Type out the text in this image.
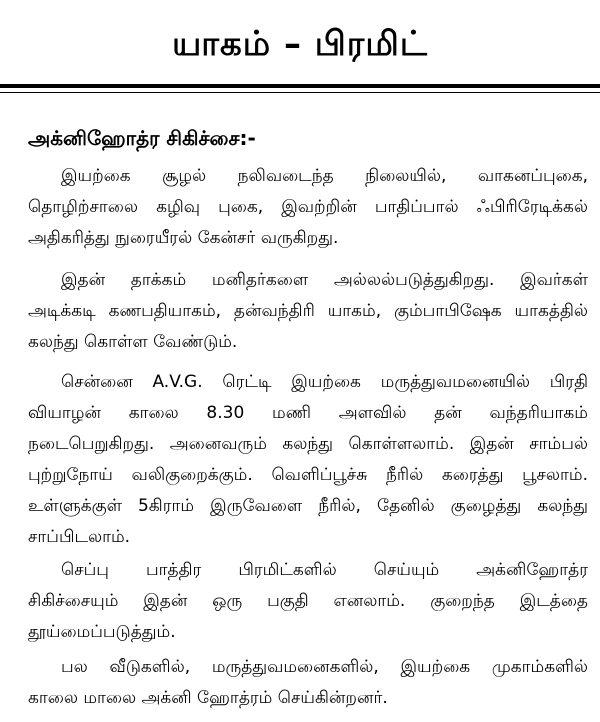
யாகம் – பிரமிட்
அக்னிஹோத்ர சிகிச்சை:-
இயற்கை சூழல் நலிவடைந்த நிலையில், வாகனப்புகை,
தொழிற்சாலை கழிவு புகை, இவற்றின் பாதிப்பால் ஃபிரிரேடிக்கல்
அதிகரித்து நுரையீரல் கேன்சர் வருகிறது.
இதன் தாக்கம் மனிதர்களை அல்லல்படுத்துகிறது. இவர்கள்
அடிக்கடி கணபதியாகம், தன்வந்திரி யாகம், கும்பாபிஷேக யாகத்தில்
கலந்து கொள்ள வேண்டும்.
சென்னை A.V.G. ரெட்டி இயற்கை மருத்துவமனையில் பிரதி
வியாழன் காலை 8.30 மணி அளவில் தன் வந்தரியாகம்
நடைபெறுகிறது. அனைவரும் கலந்து கொள்ளலாம். இதன் சாம்பல்
புற்றுநோய் வலிகுறைக்கும். வெளிப்பூச்சு நீரில் கரைத்து பூசலாம்.
உள்ளுக்குள் 5கிராம் இருவேளை நீரில், தேனில் குழைத்து கலந்து
சாப்பிடலாம்.
செப்பு பாத்திர பிரமிட்களில் செய்யும் அக்னிஹோத்ர
சிகிச்சையும் இதன் ஒரு பகுதி எனலாம். குறைந்த இடத்தை
தூய்மைப்படுத்தும்.
பல வீடுகளில், மருத்துவமனைகளில், இயற்கை முகாம்களில்
காலை மாலை அக்னி ஹோத்ரம் செய்கின்றனர்.
